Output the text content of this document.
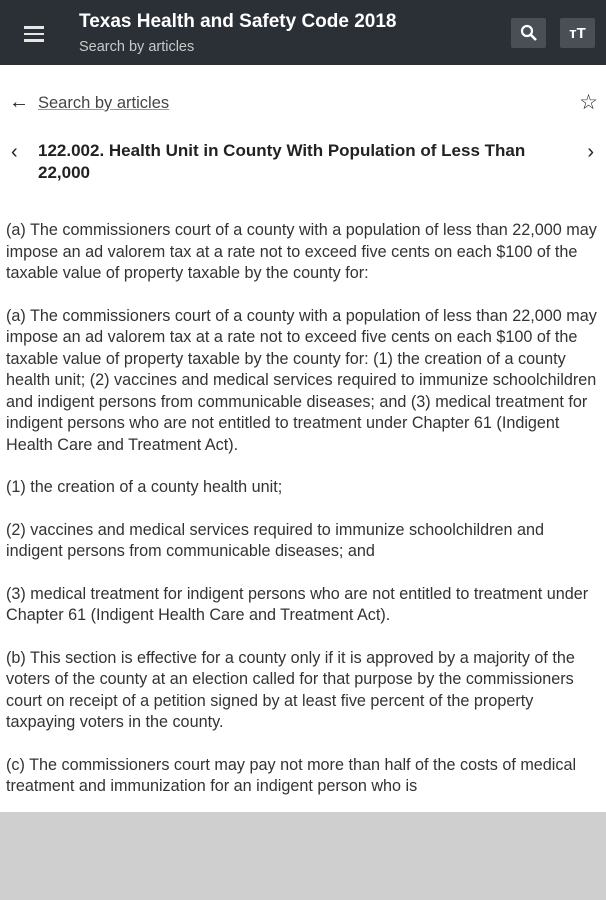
Texas Health and Safety Code 2018
Search by articles
тT
← Search by articles	☆
‹ 122.002. Health Unit in County With Population of Less Than 22,000
›

(a) The commissioners court of a county with a population of less than 22,000 may impose an ad valorem tax at a rate not to exceed five cents on each $100 of the taxable value of property taxable by the county for:

(a) The commissioners court of a county with a population of less than 22,000 may impose an ad valorem tax at a rate not to exceed five cents on each $100 of the taxable value of property taxable by the county for: (1) the creation of a county health unit; (2) vaccines and medical services required to immunize schoolchildren and indigent persons from communicable diseases; and (3) medical treatment for indigent persons who are not entitled to treatment under Chapter 61 (Indigent Health Care and Treatment Act).

(1) the creation of a county health unit;

(2) vaccines and medical services required to immunize schoolchildren and indigent persons from communicable diseases; and

(3) medical treatment for indigent persons who are not entitled to treatment under Chapter 61 (Indigent Health Care and Treatment Act).

(b) This section is effective for a county only if it is approved by a majority of the voters of the county at an election called for that purpose by the commissioners court on receipt of a petition signed by at least five percent of the property taxpaying voters in the county.

(c) The commissioners court may pay not more than half of the costs of medical treatment and immunization for an indigent person who is
